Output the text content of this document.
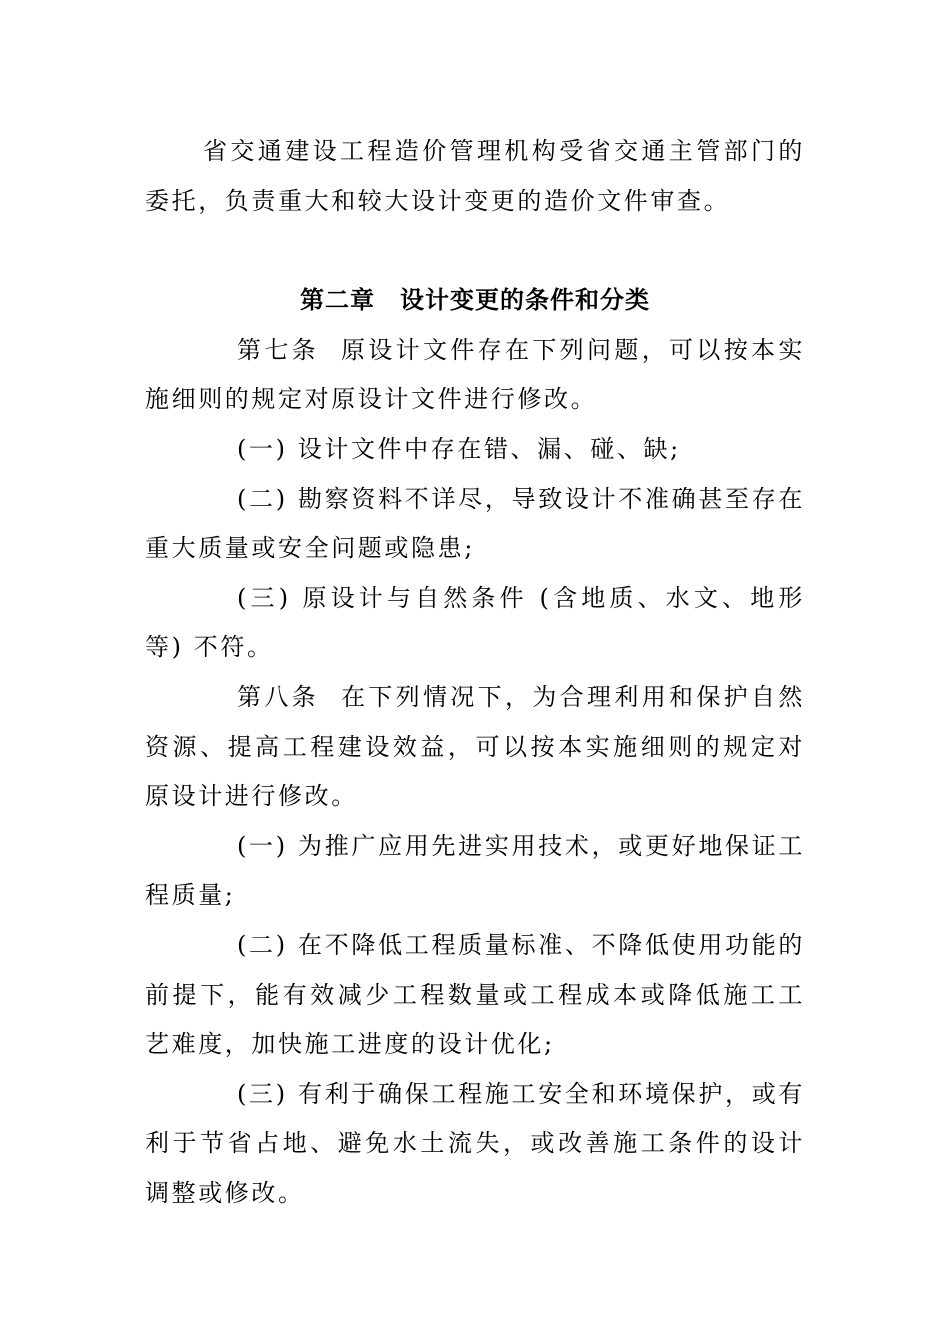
省交通建设工程造价管理机构受省交通主管部门的委托，负责重大和较大设计变更的造价文件审查。

第二章　设计变更的条件和分类

第七条 原设计文件存在下列问题，可以按本实施细则的规定对原设计文件进行修改。

(一) 设计文件中存在错、漏、碰、缺;

(二) 勘察资料不详尽，导致设计不准确甚至存在重大质量或安全问题或隐患;

(三) 原设计与自然条件 (含地质、水文、地形等) 不符。

第八条 在下列情况下，为合理利用和保护自然资源、提高工程建设效益，可以按本实施细则的规定对原设计进行修改。

(一) 为推广应用先进实用技术，或更好地保证工程质量;

(二) 在不降低工程质量标准、不降低使用功能的前提下，能有效减少工程数量或工程成本或降低施工工艺难度，加快施工进度的设计优化;

(三) 有利于确保工程施工安全和环境保护，或有利于节省占地、避免水土流失，或改善施工条件的设计调整或修改。
